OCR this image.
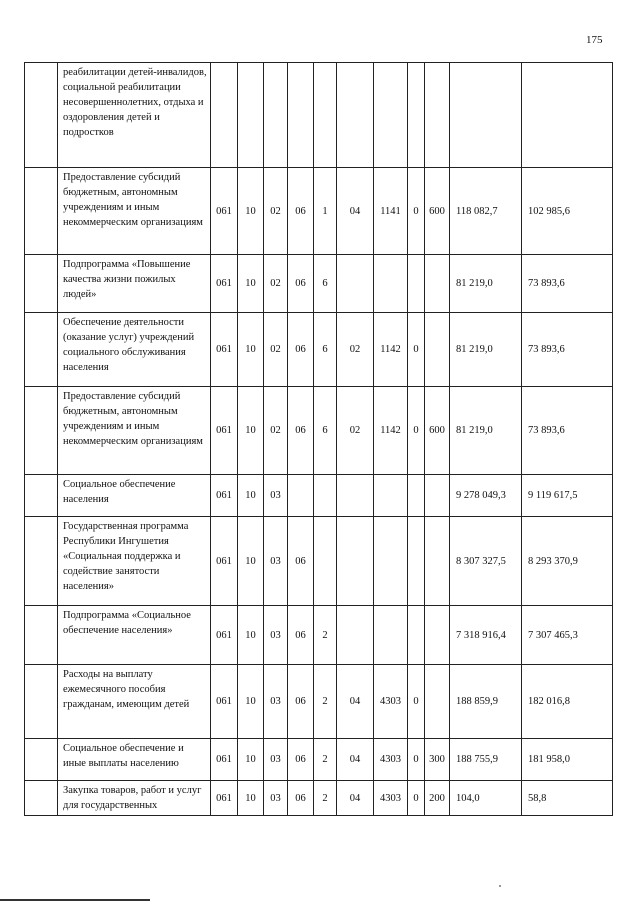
175
	реабилитации детей-инвалидов, социальной реабилитации несовершеннолетних, отдыха и оздоровления детей и подростков											
	Предоставление субсидий бюджетным, автономным учреждениям и иным некоммерческим организациям	061	10	02	06	1	04	1141	0	600	118 082,7	102 985,6
	Подпрограмма «Повышение качества жизни пожилых людей»	061	10	02	06	6					81 219,0	73 893,6
	Обеспечение деятельности (оказание услуг) учреждений социального обслуживания населения	061	10	02	06	6	02	1142	0		81 219,0	73 893,6
	Предоставление субсидий бюджетным, автономным учреждениям и иным некоммерческим организациям	061	10	02	06	6	02	1142	0	600	81 219,0	73 893,6
	Социальное обеспечение населения	061	10	03							9 278 049,3	9 119 617,5
	Государственная программа Республики Ингушетия «Социальная поддержка и содействие занятости населения»	061	10	03	06						8 307 327,5	8 293 370,9
	Подпрограмма «Социальное обеспечение населения»	061	10	03	06	2					7 318 916,4	7 307 465,3
	Расходы на выплату ежемесячного пособия гражданам, имеющим детей	061	10	03	06	2	04	4303	0		188 859,9	182 016,8
	Социальное обеспечение и иные выплаты населению	061	10	03	06	2	04	4303	0	300	188 755,9	181 958,0
	Закупка товаров, работ и услуг для государственных	061	10	03	06	2	04	4303	0	200	104,0	58,8
